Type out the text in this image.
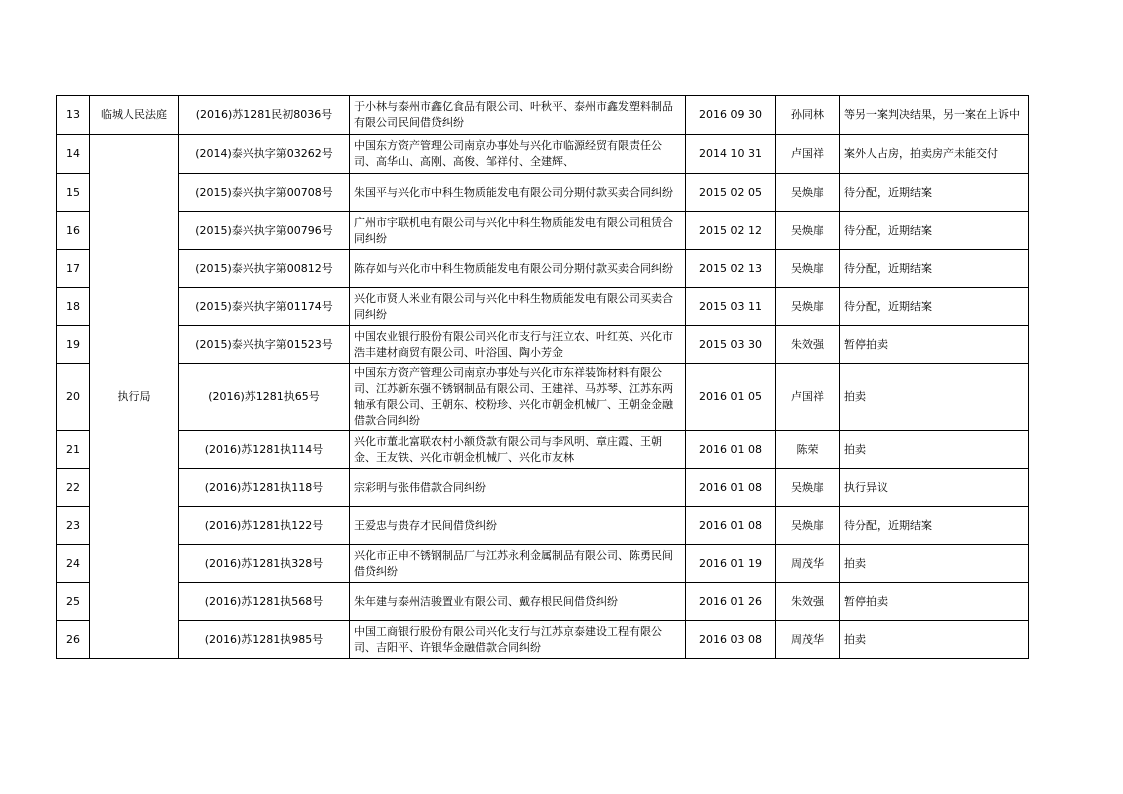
13	临城人民法庭	(2016)苏1281民初8036号	于小林与泰州市鑫亿食品有限公司、叶秋平、泰州市鑫发塑料制品有限公司民间借贷纠纷	2016 09 30	孙同林	等另一案判决结果，另一案在上诉中

14	执行局	(2014)泰兴执字第03262号	中国东方资产管理公司南京办事处与兴化市临源经贸有限责任公司、高华山、高刚、高俊、邹祥付、全建辉、	2014 10 31	卢国祥	案外人占房，拍卖房产未能交付

15		(2015)泰兴执字第00708号	朱国平与兴化市中科生物质能发电有限公司分期付款买卖合同纠纷	2015 02 05	吴焕扉	待分配，近期结案

16		(2015)泰兴执字第00796号	广州市宇联机电有限公司与兴化中科生物质能发电有限公司租赁合同纠纷	2015 02 12	吴焕扉	待分配，近期结案

17		(2015)泰兴执字第00812号	陈存如与兴化市中科生物质能发电有限公司分期付款买卖合同纠纷	2015 02 13	吴焕扉	待分配，近期结案

18		(2015)泰兴执字第01174号	兴化市贤人米业有限公司与兴化中科生物质能发电有限公司买卖合同纠纷	2015 03 11	吴焕扉	待分配，近期结案

19		(2015)泰兴执字第01523号	中国农业银行股份有限公司兴化市支行与汪立农、叶红英、兴化市浩丰建材商贸有限公司、叶浴国、陶小芳金	2015 03 30	朱效强	暂停拍卖

20		(2016)苏1281执65号	中国东方资产管理公司南京办事处与兴化市东祥装饰材料有限公司、江苏新东强不锈钢制品有限公司、王建祥、马苏琴、江苏东两轴承有限公司、王朝东、校粉珍、兴化市朝金机械厂、王朝金金融借款合同纠纷	2016 01 05	卢国祥	拍卖

21		(2016)苏1281执114号	兴化市董北富联农村小额贷款有限公司与李风明、章庄霞、王朝金、王友铁、兴化市朝金机械厂、兴化市友林	2016 01 08	陈荣	拍卖

22		(2016)苏1281执118号	宗彩明与张伟借款合同纠纷	2016 01 08	吴焕扉	执行异议

23		(2016)苏1281执122号	王爱忠与贵存才民间借贷纠纷	2016 01 08	吴焕扉	待分配，近期结案

24		(2016)苏1281执328号	兴化市正申不锈钢制品厂与江苏永利金属制品有限公司、陈勇民间借贷纠纷	2016 01 19	周茂华	拍卖

25		(2016)苏1281执568号	朱年建与泰州洁骏置业有限公司、戴存根民间借贷纠纷	2016 01 26	朱效强	暂停拍卖

26		(2016)苏1281执985号	中国工商银行股份有限公司兴化支行与江苏京泰建设工程有限公司、吉阳平、许银华金融借款合同纠纷	2016 03 08	周茂华	拍卖
